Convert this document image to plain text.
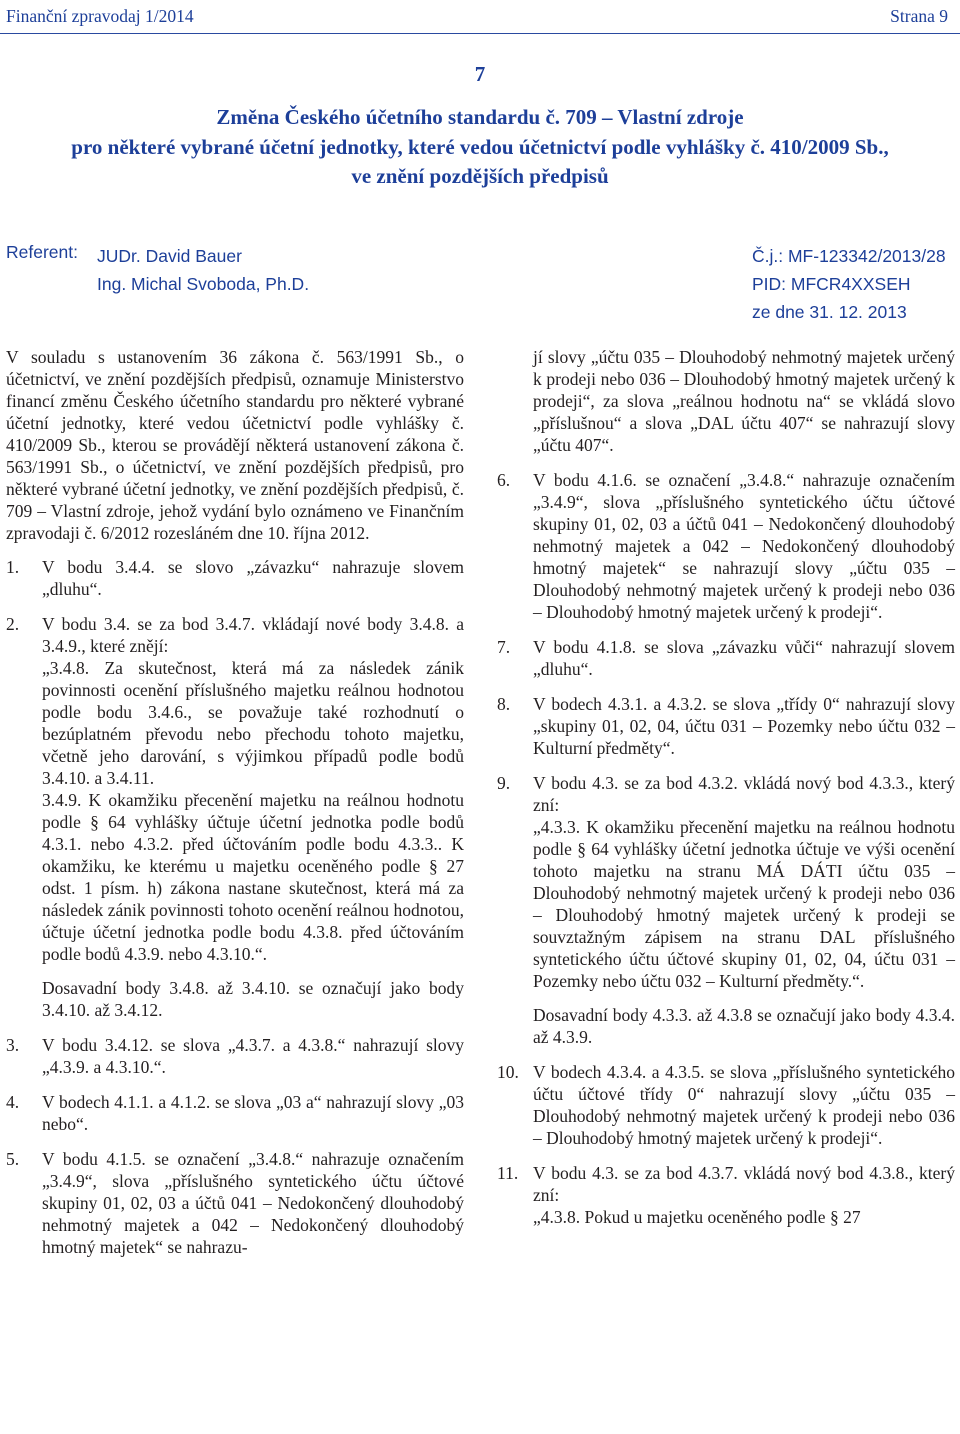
Finanční zpravodaj 1/2014	Strana 9
7
Změna Českého účetního standardu č. 709 – Vlastní zdroje
pro některé vybrané účetní jednotky, které vedou účetnictví podle vyhlášky č. 410/2009 Sb.,
ve znění pozdějších předpisů
Referent: JUDr. David Bauer
Ing. Michal Svoboda, Ph.D.
Č.j.: MF-123342/2013/28
PID: MFCR4XXSEH
ze dne 31. 12. 2013

V souladu s ustanovením 36 zákona č. 563/1991 Sb., o účetnictví, ve znění pozdějších předpisů, oznamuje Ministerstvo financí změnu Českého účetního standardu pro některé vybrané účetní jednotky, které vedou účetnictví podle vyhlášky č. 410/2009 Sb., kterou se provádějí některá ustanovení zákona č. 563/1991 Sb., o účetnictví, ve znění pozdějších předpisů, pro některé vybrané účetní jednotky, ve znění pozdějších předpisů, č. 709 – Vlastní zdroje, jehož vydání bylo oznámeno ve Finančním zpravodaji č. 6/2012 rozesláném dne 10. října 2012.

1.	V bodu 3.4.4. se slovo „závazku“ nahrazuje slovem „dluhu“.
2.	V bodu 3.4. se za bod 3.4.7. vkládají nové body 3.4.8. a 3.4.9., které znějí:
„3.4.8. Za skutečnost, která má za následek zánik povinnosti ocenění příslušného majetku reálnou hodnotou podle bodu 3.4.6., se považuje také rozhodnutí o bezúplatném převodu nebo přechodu tohoto majetku, včetně jeho darování, s výjimkou případů podle bodů 3.4.10. a 3.4.11.
3.4.9. K okamžiku přecenění majetku na reálnou hodnotu podle § 64 vyhlášky účtuje účetní jednotka podle bodů 4.3.1. nebo 4.3.2. před účtováním podle bodu 4.3.3.. K okamžiku, ke kterému u majetku oceněného podle § 27 odst. 1 písm. h) zákona nastane skutečnost, která má za následek zánik povinnosti tohoto ocenění reálnou hodnotou, účtuje účetní jednotka podle bodu 4.3.8. před účtováním podle bodů 4.3.9. nebo 4.3.10.“.
Dosavadní body 3.4.8. až 3.4.10. se označují jako body 3.4.10. až 3.4.12.
3.	V bodu 3.4.12. se slova „4.3.7. a 4.3.8.“ nahrazují slovy „4.3.9. a 4.3.10.“.
4.	V bodech 4.1.1. a 4.1.2. se slova „03 a“ nahrazují slovy „03 nebo“.
5.	V bodu 4.1.5. se označení „3.4.8.“ nahrazuje označením „3.4.9“, slova „příslušného syntetického účtu účtové skupiny 01, 02, 03 a účtů 041 – Nedokončený dlouhodobý nehmotný majetek a 042 – Nedokončený dlouhodobý hmotný majetek“ se nahrazu-
jí slovy „účtu 035 – Dlouhodobý nehmotný majetek určený k prodeji nebo 036 – Dlouhodobý hmotný majetek určený k prodeji“, za slova „reálnou hodnotu na“ se vkládá slovo „příslušnou“ a slova „DAL účtu 407“ se nahrazují slovy „účtu 407“.
6.	V bodu 4.1.6. se označení „3.4.8.“ nahrazuje označením „3.4.9“, slova „příslušného syntetického účtu účtové skupiny 01, 02, 03 a účtů 041 – Nedokončený dlouhodobý nehmotný majetek a 042 – Nedokončený dlouhodobý hmotný majetek“ se nahrazují slovy „účtu 035 – Dlouhodobý nehmotný majetek určený k prodeji nebo 036 – Dlouhodobý hmotný majetek určený k prodeji“.
7.	V bodu 4.1.8. se slova „závazku vůči“ nahrazují slovem „dluhu“.
8.	V bodech 4.3.1. a 4.3.2. se slova „třídy 0“ nahrazují slovy „skupiny 01, 02, 04, účtu 031 – Pozemky nebo účtu 032 – Kulturní předměty“.
9.	V bodu 4.3. se za bod 4.3.2. vkládá nový bod 4.3.3., který zní:
„4.3.3. K okamžiku přecenění majetku na reálnou hodnotu podle § 64 vyhlášky účetní jednotka účtuje ve výši ocenění tohoto majetku na stranu MÁ DÁTI účtu 035 – Dlouhodobý nehmotný majetek určený k prodeji nebo 036 – Dlouhodobý hmotný majetek určený k prodeji se souvztažným zápisem na stranu DAL příslušného syntetického účtu účtové skupiny 01, 02, 04, účtu 031 – Pozemky nebo účtu 032 – Kulturní předměty.“.
Dosavadní body 4.3.3. až 4.3.8 se označují jako body 4.3.4. až 4.3.9.
10. V bodech 4.3.4. a 4.3.5. se slova „příslušného syntetického účtu účtové třídy 0“ nahrazují slovy „účtu 035 – Dlouhodobý nehmotný majetek určený k prodeji nebo 036 – Dlouhodobý hmotný majetek určený k prodeji“.
11. V bodu 4.3. se za bod 4.3.7. vkládá nový bod 4.3.8., který zní:
„4.3.8. Pokud u majetku oceněného podle § 27
